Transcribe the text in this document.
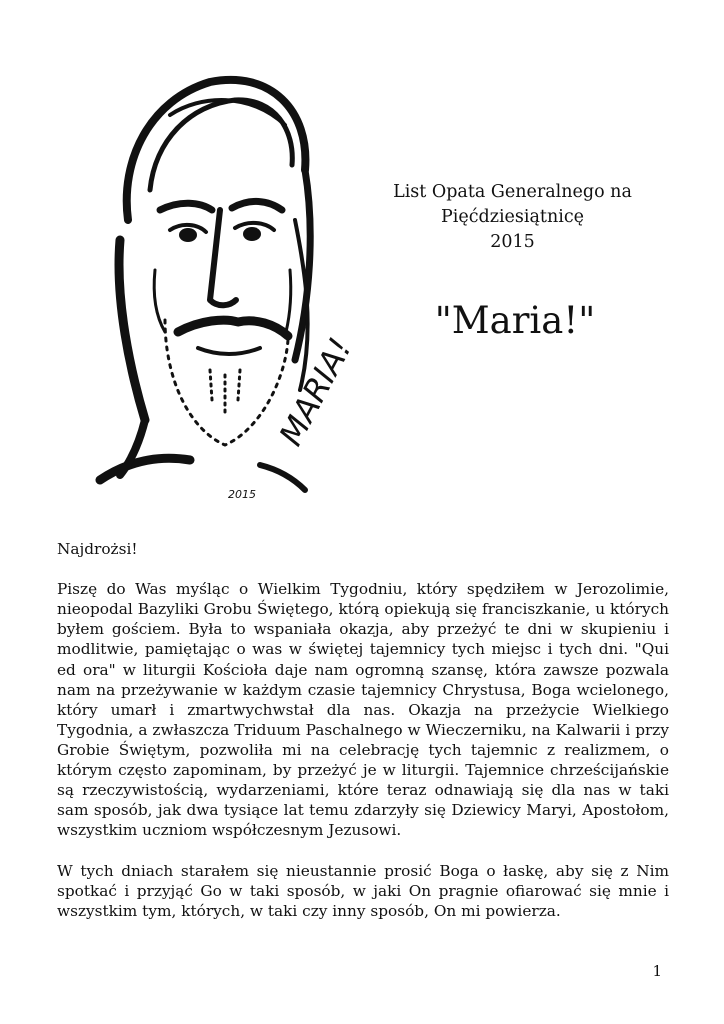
MARIA!
2015
List Opata Generalnego na
Pięćdziesiątnicę
2015
"Maria!"

Najdrożsi!

Piszę do Was myśląc o Wielkim Tygodniu, który spędziłem w Jerozolimie, nieopodal Bazyliki Grobu Świętego, którą opiekują się franciszkanie, u których byłem gościem. Była to wspaniała okazja, aby przeżyć te dni w skupieniu i modlitwie, pamiętając o was w świętej tajemnicy tych miejsc i tych dni. "Qui ed ora" w liturgii Kościoła daje nam ogromną szansę, która zawsze pozwala nam na przeżywanie w każdym czasie tajemnicy Chrystusa, Boga wcielonego, który umarł i zmartwychwstał dla nas. Okazja na przeżycie Wielkiego Tygodnia, a zwłaszcza Triduum Paschalnego w Wieczerniku, na Kalwarii i przy Grobie Świętym, pozwoliła mi na celebrację tych tajemnic z realizmem, o którym często zapominam, by przeżyć je w liturgii. Tajemnice chrześcijańskie są rzeczywistością, wydarzeniami, które teraz odnawiają się dla nas w taki sam sposób, jak dwa tysiące lat temu zdarzyły się Dziewicy Maryi, Apostołom, wszystkim uczniom współczesnym Jezusowi.

W tych dniach starałem się nieustannie prosić Boga o łaskę, aby się z Nim spotkać i przyjąć Go w taki sposób, w jaki On pragnie ofiarować się mnie i wszystkim tym, których, w taki czy inny sposób, On mi powierza.

1
